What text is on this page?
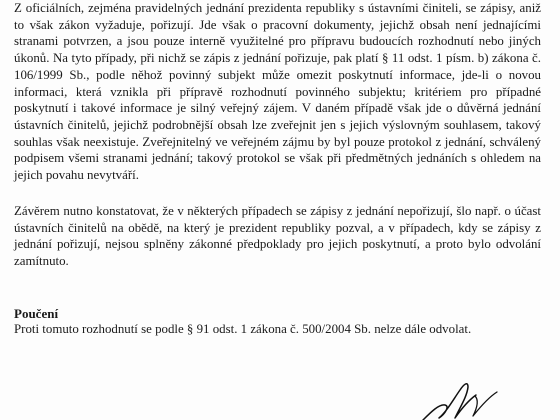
Z oficiálních, zejména pravidelných jednání prezidenta republiky s ústavními činiteli, se zápisy, aniž to však zákon vyžaduje, pořizují. Jde však o pracovní dokumenty, jejichž obsah není jednajícími stranami potvrzen, a jsou pouze interně využitelné pro přípravu budoucích rozhodnutí nebo jiných úkonů. Na tyto případy, při nichž se zápis z jednání pořizuje, pak platí § 11 odst. 1 písm. b) zákona č. 106/1999 Sb., podle něhož povinný subjekt může omezit poskytnutí informace, jde-li o novou informaci, která vznikla při přípravě rozhodnutí povinného subjektu; kritériem pro případné poskytnutí i takové informace je silný veřejný zájem. V daném případě však jde o důvěrná jednání ústavních činitelů, jejichž podrobnější obsah lze zveřejnit jen s jejich výslovným souhlasem, takový souhlas však neexistuje. Zveřejnitelný ve veřejném zájmu by byl pouze protokol z jednání, schválený podpisem všemi stranami jednání; takový protokol se však při předmětných jednáních s ohledem na jejich povahu nevytváří.

Závěrem nutno konstatovat, že v některých případech se zápisy z jednání nepořizují, šlo např. o účast ústavních činitelů na obědě, na který je prezident republiky pozval, a v případech, kdy se zápisy z jednání pořizují, nejsou splněny zákonné předpoklady pro jejich poskytnutí, a proto bylo odvolání zamítnuto.

Poučení

Proti tomuto rozhodnutí se podle § 91 odst. 1 zákona č. 500/2004 Sb. nelze dále odvolat.
